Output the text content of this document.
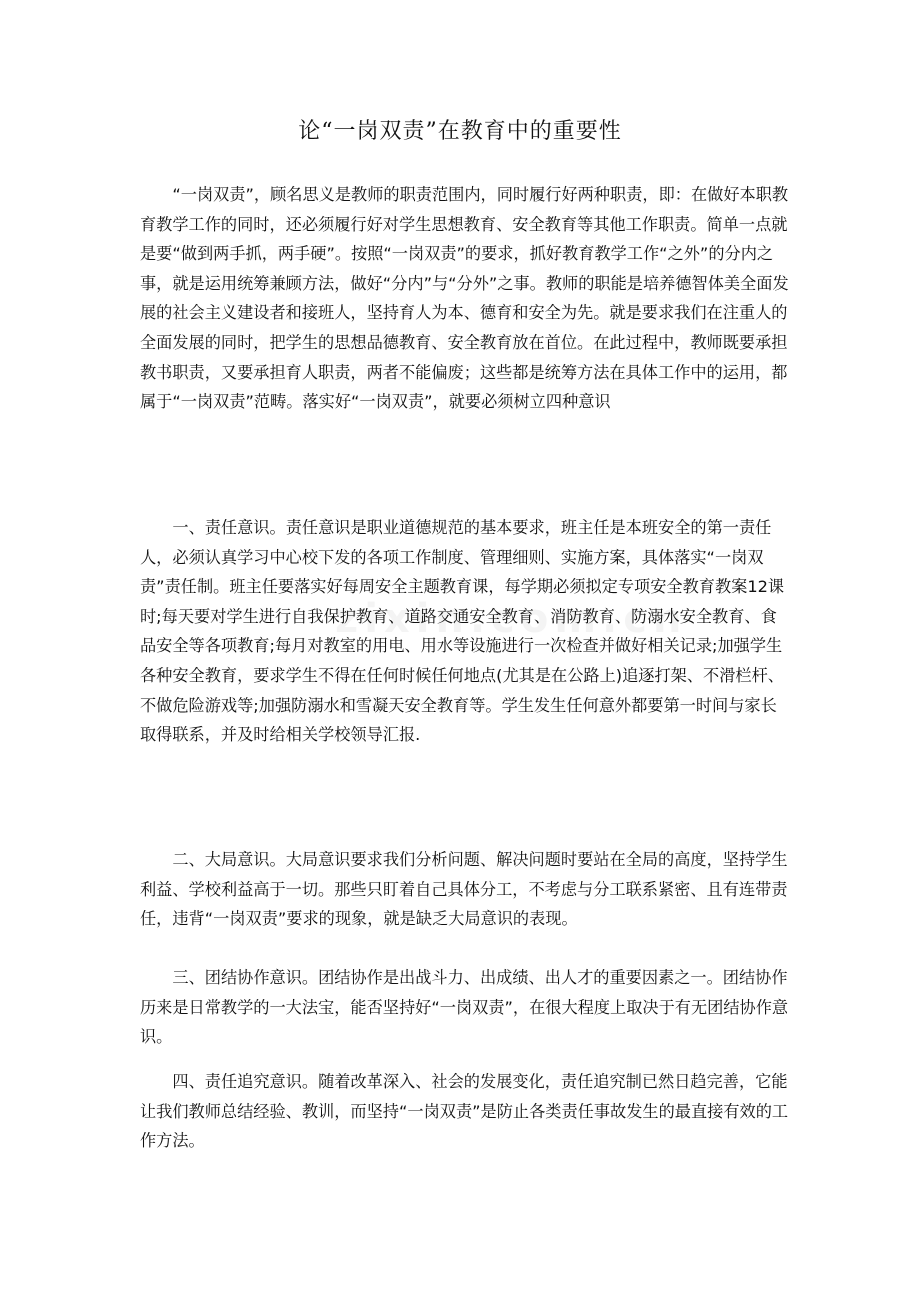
论“一岗双责”在教育中的重要性

“一岗双责”，顾名思义是教师的职责范围内，同时履行好两种职责，即：在做好本职教育教学工作的同时，还必须履行好对学生思想教育、安全教育等其他工作职责。简单一点就是要“做到两手抓，两手硬”。按照“一岗双责”的要求，抓好教育教学工作“之外”的分内之事，就是运用统筹兼顾方法，做好“分内”与“分外”之事。教师的职能是培养德智体美全面发展的社会主义建设者和接班人，坚持育人为本、德育和安全为先。就是要求我们在注重人的全面发展的同时，把学生的思想品德教育、安全教育放在首位。在此过程中，教师既要承担教书职责，又要承担育人职责，两者不能偏废；这些都是统筹方法在具体工作中的运用，都属于“一岗双责”范畴。落实好“一岗双责”，就要必须树立四种意识

一、责任意识。责任意识是职业道德规范的基本要求，班主任是本班安全的第一责任人，必须认真学习中心校下发的各项工作制度、管理细则、实施方案，具体落实“一岗双责”责任制。班主任要落实好每周安全主题教育课，每学期必须拟定专项安全教育教案12课时;每天要对学生进行自我保护教育、道路交通安全教育、消防教育、防溺水安全教育、食品安全等各项教育;每月对教室的用电、用水等设施进行一次检查并做好相关记录;加强学生各种安全教育，要求学生不得在任何时候任何地点(尤其是在公路上)追逐打架、不滑栏杆、不做危险游戏等;加强防溺水和雪凝天安全教育等。学生发生任何意外都要第一时间与家长取得联系，并及时给相关学校领导汇报.

二、大局意识。大局意识要求我们分析问题、解决问题时要站在全局的高度，坚持学生利益、学校利益高于一切。那些只盯着自己具体分工，不考虑与分工联系紧密、且有连带责任，违背“一岗双责”要求的现象，就是缺乏大局意识的表现。

三、团结协作意识。团结协作是出战斗力、出成绩、出人才的重要因素之一。团结协作历来是日常教学的一大法宝，能否坚持好“一岗双责”，在很大程度上取决于有无团结协作意识。

四、责任追究意识。随着改革深入、社会的发展变化，责任追究制已然日趋完善，它能让我们教师总结经验、教训，而坚持“一岗双责”是防止各类责任事故发生的最直接有效的工作方法。
